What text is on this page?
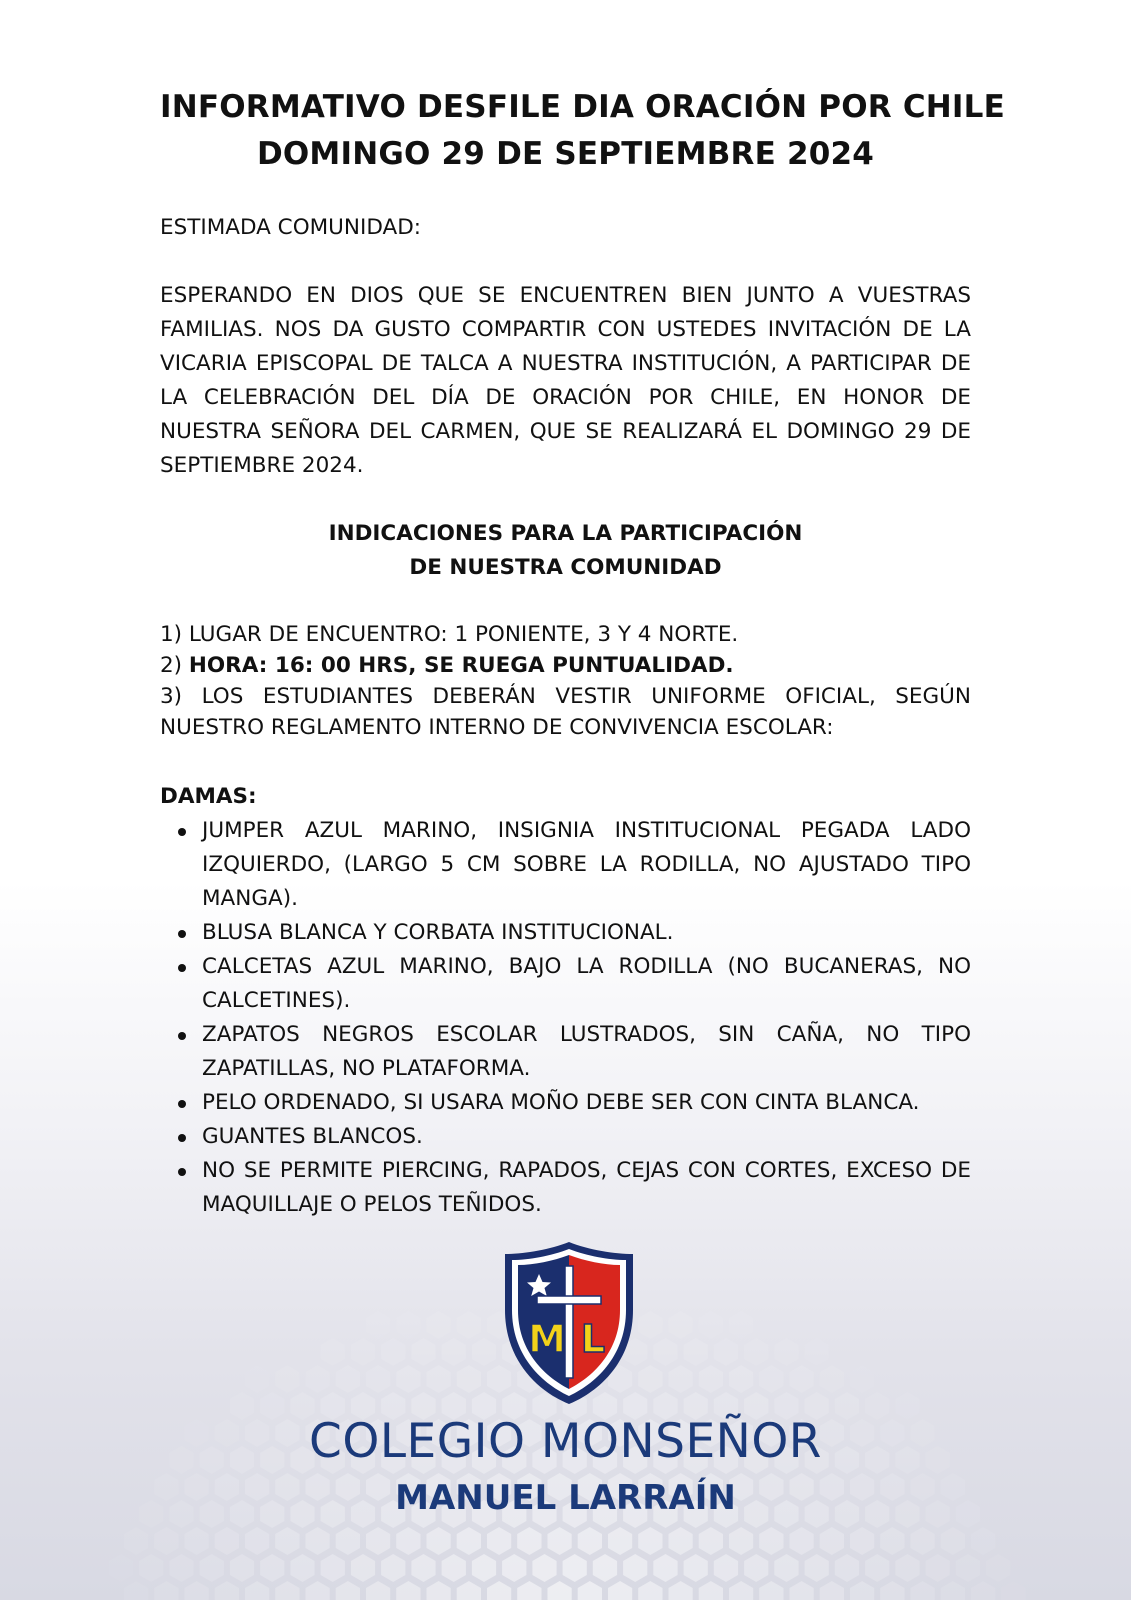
INFORMATIVO DESFILE DIA ORACIÓN POR CHILE
DOMINGO 29 DE SEPTIEMBRE 2024
ESTIMADA COMUNIDAD:
ESPERANDO EN DIOS QUE SE ENCUENTREN BIEN JUNTO A VUESTRAS FAMILIAS. NOS DA GUSTO COMPARTIR CON USTEDES INVITACIÓN DE LA VICARIA EPISCOPAL DE TALCA A NUESTRA INSTITUCIÓN, A PARTICIPAR DE LA CELEBRACIÓN DEL DÍA DE ORACIÓN POR CHILE, EN HONOR DE NUESTRA SEÑORA DEL CARMEN, QUE SE REALIZARÁ EL DOMINGO 29 DE SEPTIEMBRE 2024.
INDICACIONES PARA LA PARTICIPACIÓN
DE NUESTRA COMUNIDAD
1) LUGAR DE ENCUENTRO: 1 PONIENTE, 3 Y 4 NORTE.
2) HORA: 16: 00 HRS, SE RUEGA PUNTUALIDAD.
3) LOS ESTUDIANTES DEBERÁN VESTIR UNIFORME OFICIAL, SEGÚN NUESTRO REGLAMENTO INTERNO DE CONVIVENCIA ESCOLAR:
DAMAS:
JUMPER AZUL MARINO, INSIGNIA INSTITUCIONAL PEGADA LADO IZQUIERDO, (LARGO 5 CM SOBRE LA RODILLA, NO AJUSTADO TIPO MANGA).
BLUSA BLANCA Y CORBATA INSTITUCIONAL.
CALCETAS AZUL MARINO, BAJO LA RODILLA (NO BUCANERAS, NO CALCETINES).
ZAPATOS NEGROS ESCOLAR LUSTRADOS, SIN CAÑA, NO TIPO ZAPATILLAS, NO PLATAFORMA.
PELO ORDENADO, SI USARA MOÑO DEBE SER CON CINTA BLANCA.
GUANTES BLANCOS.
NO SE PERMITE PIERCING, RAPADOS, CEJAS CON CORTES, EXCESO DE MAQUILLAJE O PELOS TEÑIDOS.
M L
COLEGIO MONSEÑOR
MANUEL LARRAÍN
